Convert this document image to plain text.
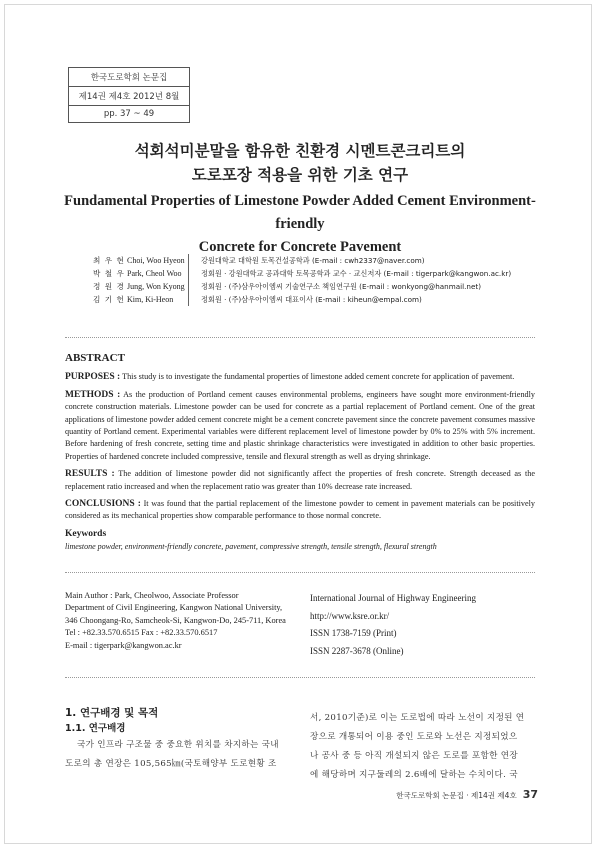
한국도로학회 논문집
제14권 제4호 2012년 8월
pp. 37 ~ 49
석회석미분말을 함유한 친환경 시멘트콘크리트의
도로포장 적용을 위한 기초 연구
Fundamental Properties of Limestone Powder Added Cement Environment-friendly
Concrete for Concrete Pavement
최 우 현 Choi, Woo Hyeon 강원대학교 대학원 토목건설공학과 (E-mail : cwh2337@naver.com)
박 철 우 Park, Cheol Woo	정회원 · 강원대학교 공과대학 토목공학과 교수 · 교신저자 (E-mail : tigerpark@kangwon.ac.kr)
정 원 경 Jung, Won Kyong 정회원 · (주)삼우아이엠씨 기술연구소 책임연구원 (E-mail : wonkyong@hanmail.net)
김 기 헌 Kim, Ki-Heon	정회원 · (주)삼우아이엠씨 대표이사 (E-mail : kiheun@empal.com)
ABSTRACT

PURPOSES : This study is to investigate the fundamental properties of limestone added cement concrete for application of pavement.

METHODS : As the production of Portland cement causes environmental problems, engineers have sought more environment-friendly concrete construction materials. Limestone powder can be used for concrete as a partial replacement of Portland cement. One of the great applications of limestone powder added cement concrete might be a cement concrete pavement since the concrete pavement consumes massive quantity of Portland cement. Experimental variables were different replacement level of limestone powder by 0% to 25% with 5% increment. Before hardening of fresh concrete, setting time and plastic shrinkage characteristics were investigated in addition to other basic properties. Properties of hardened concrete included compressive, tensile and flexural strength as well as drying shrinkage.

RESULTS : The addition of limestone powder did not significantly affect the properties of fresh concrete. Strength deceased as the replacement ratio increased and when the replacement ratio was greater than 10% decrease rate increased.

CONCLUSIONS : It was found that the partial replacement of the limestone powder to cement in pavement materials can be positively considered as its mechanical properties show comparable performance to those normal concrete.

Keywords
limestone powder, environment-friendly concrete, pavement, compressive strength, tensile strength, flexural strength
Main Author : Park, Cheolwoo, Associate Professor
Department of Civil Engineering, Kangwon National University,
346 Choongang-Ro, Samcheok-Si, Kangwon-Do, 245-711, Korea
Tel : +82.33.570.6515 Fax : +82.33.570.6517
E-mail : tigerpark@kangwon.ac.kr
International Journal of Highway Engineering
http://www.ksre.or.kr/
ISSN 1738-7159 (Print)
ISSN 2287-3678 (Online)
1. 연구배경 및 목적
1.1. 연구배경
국가 인프라 구조물 중 중요한 위치를 차지하는 국내
도로의 총 연장은 105,565㎞(국토해양부 도로현황 조
서, 2010기준)로 이는 도로법에 따라 노선이 지정된 연
장으로 개통되어 이용 중인 도로와 노선은 지정되었으
나 공사 중 등 아직 개설되지 않은 도로를 포함한 연장
에 해당하며 지구둘레의 2.6배에 달하는 수치이다. 국
한국도로학회 논문집 · 제14권 제4호 37
